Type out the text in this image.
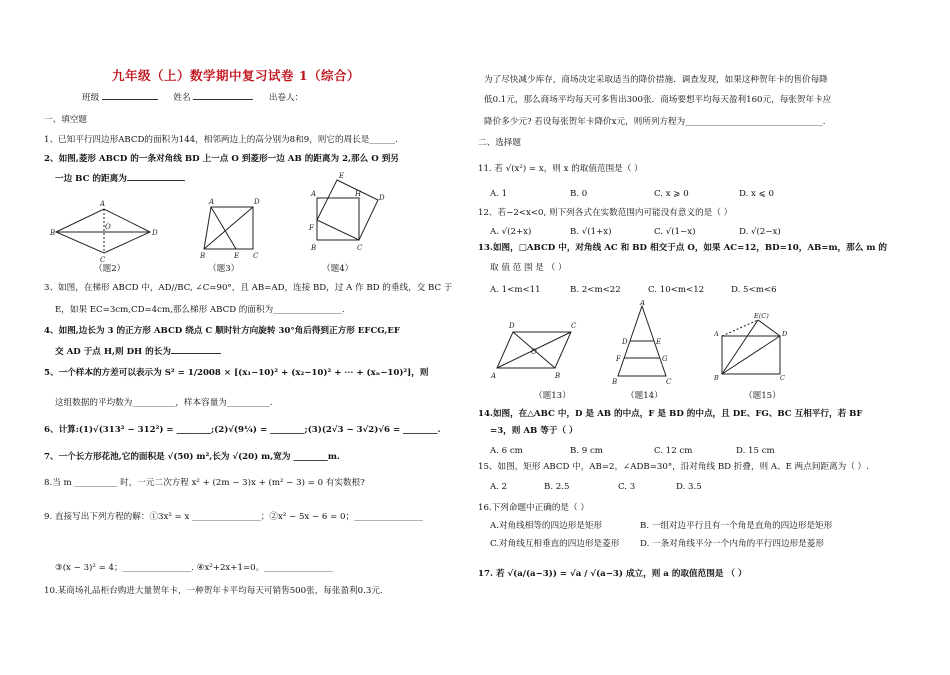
九年级（上）数学期中复习试卷 1（综合）
班级	姓名	出卷人：
一、填空题
1、已知平行四边形ABCD的面积为144，相邻两边上的高分别为8和9，则它的周长是______.
2、如图,菱形 ABCD 的一条对角线 BD 上一点 O 到菱形一边 AB 的距离为 2,那么 O 到另
一边 BC 的距离为
A
B	D
C
O
（题2）
A	D
B	E C
（题3）
E
A	H	D
F
B	C
（题4）
3、如图，在梯形 ABCD 中，AD//BC, ∠C=90°，且 AB=AD，连接 BD，过 A 作 BD 的垂线，交 BC 于
E，如果 EC=3cm,CD=4cm,那么梯形 ABCD 的面积为________________.
4、如图,边长为 3 的正方形 ABCD 绕点 C 顺时针方向旋转 30°角后得到正方形 EFCG,EF
交 AD 于点 H,则 DH 的长为
5、一个样本的方差可以表示为 S² = 1/2008 × [(x₁−10)² + (x₂−10)² + ··· + (xₙ−10)²]，则
这组数据的平均数为__________，样本容量为__________.
6、计算:(1)√(313² − 312²) = ________;(2)√(9¼) = ________;(3)(2√3 − 3√2)√6 = ________.
7、一个长方形花池,它的面积是 √(50) m²,长为 √(20) m,宽为 ________m.
8.当 m __________ 时，一元二次方程 x² + (2m − 3)x + (m² − 3) = 0 有实数根?
9. 直接写出下列方程的解：①3x² = x ________________；②x² − 5x − 6 = 0；________________
③(x − 3)² = 4；________________. ④x²+2x+1=0。________________
10.某商场礼品柜台购进大量贺年卡，一种贺年卡平均每天可销售500张，每张盈利0.3元.
为了尽快减少库存，商场决定采取适当的降价措施．调查发现，如果这种贺年卡的售价每降
低0.1元，那么商场平均每天可多售出300张．商场要想平均每天盈利160元，每张贺年卡应
降价多少元? 若设每张贺年卡降价x元，则所列方程为________________________________.
二、选择题
11. 若 √(x²) = x，则 x 的取值范围是（ ）
A. 1	B. 0	C. x ⩾ 0	D. x ⩽ 0
12、若−2<x<0, 则下列各式在实数范围内可能没有意义的是（ ）
A. √(2+x)	B. √(1+x)	C. √(1−x)	D. √(2−x)
13.如图，□ABCD 中，对角线 AC 和 BD 相交于点 O，如果 AC=12，BD=10，AB=m，那么 m 的
取 值 范 围 是 （ ）
A. 1<m<11	B. 2<m<22	C. 10<m<12	D. 5<m<6
D	C
A	B
O
（题13）
A
D	E
F	G
B	C
（题14）
E(C)
A	D
B	C
（题15）
14.如图，在△ABC 中，D 是 AB 的中点，F 是 BD 的中点，且 DE、FG、BC 互相平行，若 BF
=3，则 AB 等于（ ）
A. 6 cm	B. 9 cm	C. 12 cm	D. 15 cm
15、如图，矩形 ABCD 中，AB=2，∠ADB=30°，沿对角线 BD 折叠，则 A、E 两点间距离为（ ）.
A. 2	B. 2.5	C. 3	D. 3.5
16.下列命题中正确的是（ ）
A.对角线相等的四边形是矩形	B. 一组对边平行且有一个角是直角的四边形是矩形
C.对角线互相垂直的四边形是菱形 D. 一条对角线平分一个内角的平行四边形是菱形
17. 若 √(a/(a−3)) = √a / √(a−3) 成立，则 a 的取值范围是 （ ）
